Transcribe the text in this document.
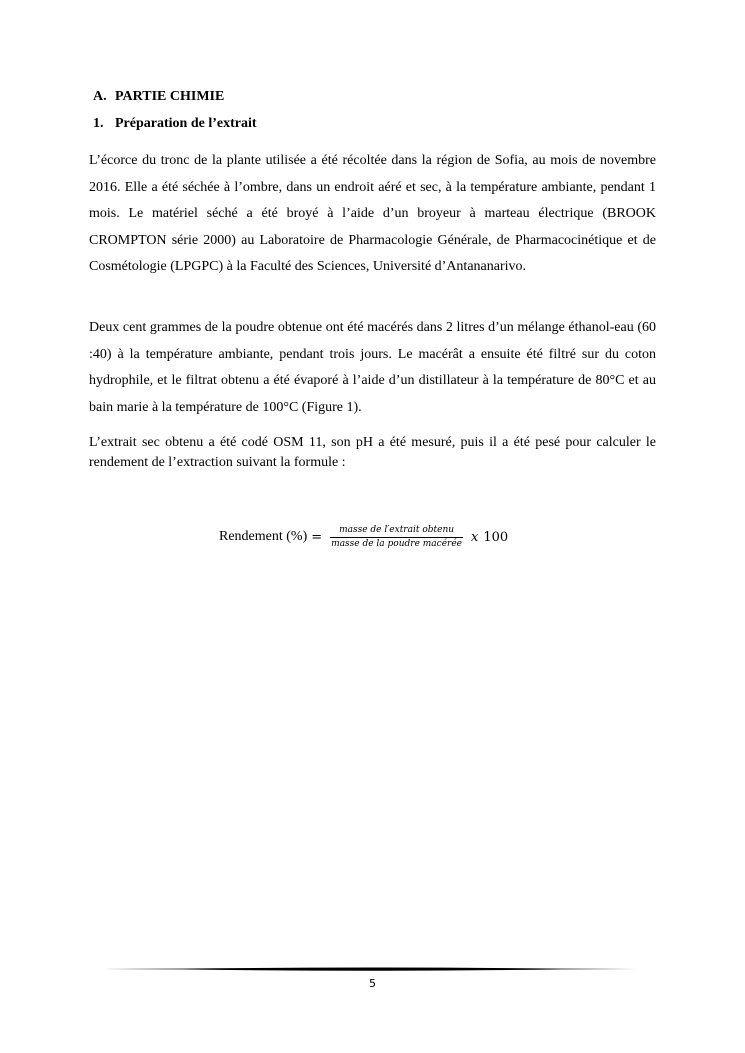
A. PARTIE CHIMIE
1. Préparation de l’extrait

L’écorce du tronc de la plante utilisée a été récoltée dans la région de Sofia, au mois de novembre 2016. Elle a été séchée à l’ombre, dans un endroit aéré et sec, à la température ambiante, pendant 1 mois. Le matériel séché a été broyé à l’aide d’un broyeur à marteau électrique (BROOK CROMPTON série 2000) au Laboratoire de Pharmacologie Générale, de Pharmacocinétique et de Cosmétologie (LPGPC) à la Faculté des Sciences, Université d’Antananarivo.

Deux cent grammes de la poudre obtenue ont été macérés dans 2 litres d’un mélange éthanol-eau (60 :40) à la température ambiante, pendant trois jours. Le macérât a ensuite été filtré sur du coton hydrophile, et le filtrat obtenu a été évaporé à l’aide d’un distillateur à la température de 80°C et au bain marie à la température de 100°C (Figure 1).

L’extrait sec obtenu a été codé OSM 11, son pH a été mesuré, puis il a été pesé pour calculer le rendement de l’extraction suivant la formule :

Rendement (%) = $\frac{\text{masse de l′extrait obtenu}}{\text{masse de la poudre macérée}}$ x 100
5
